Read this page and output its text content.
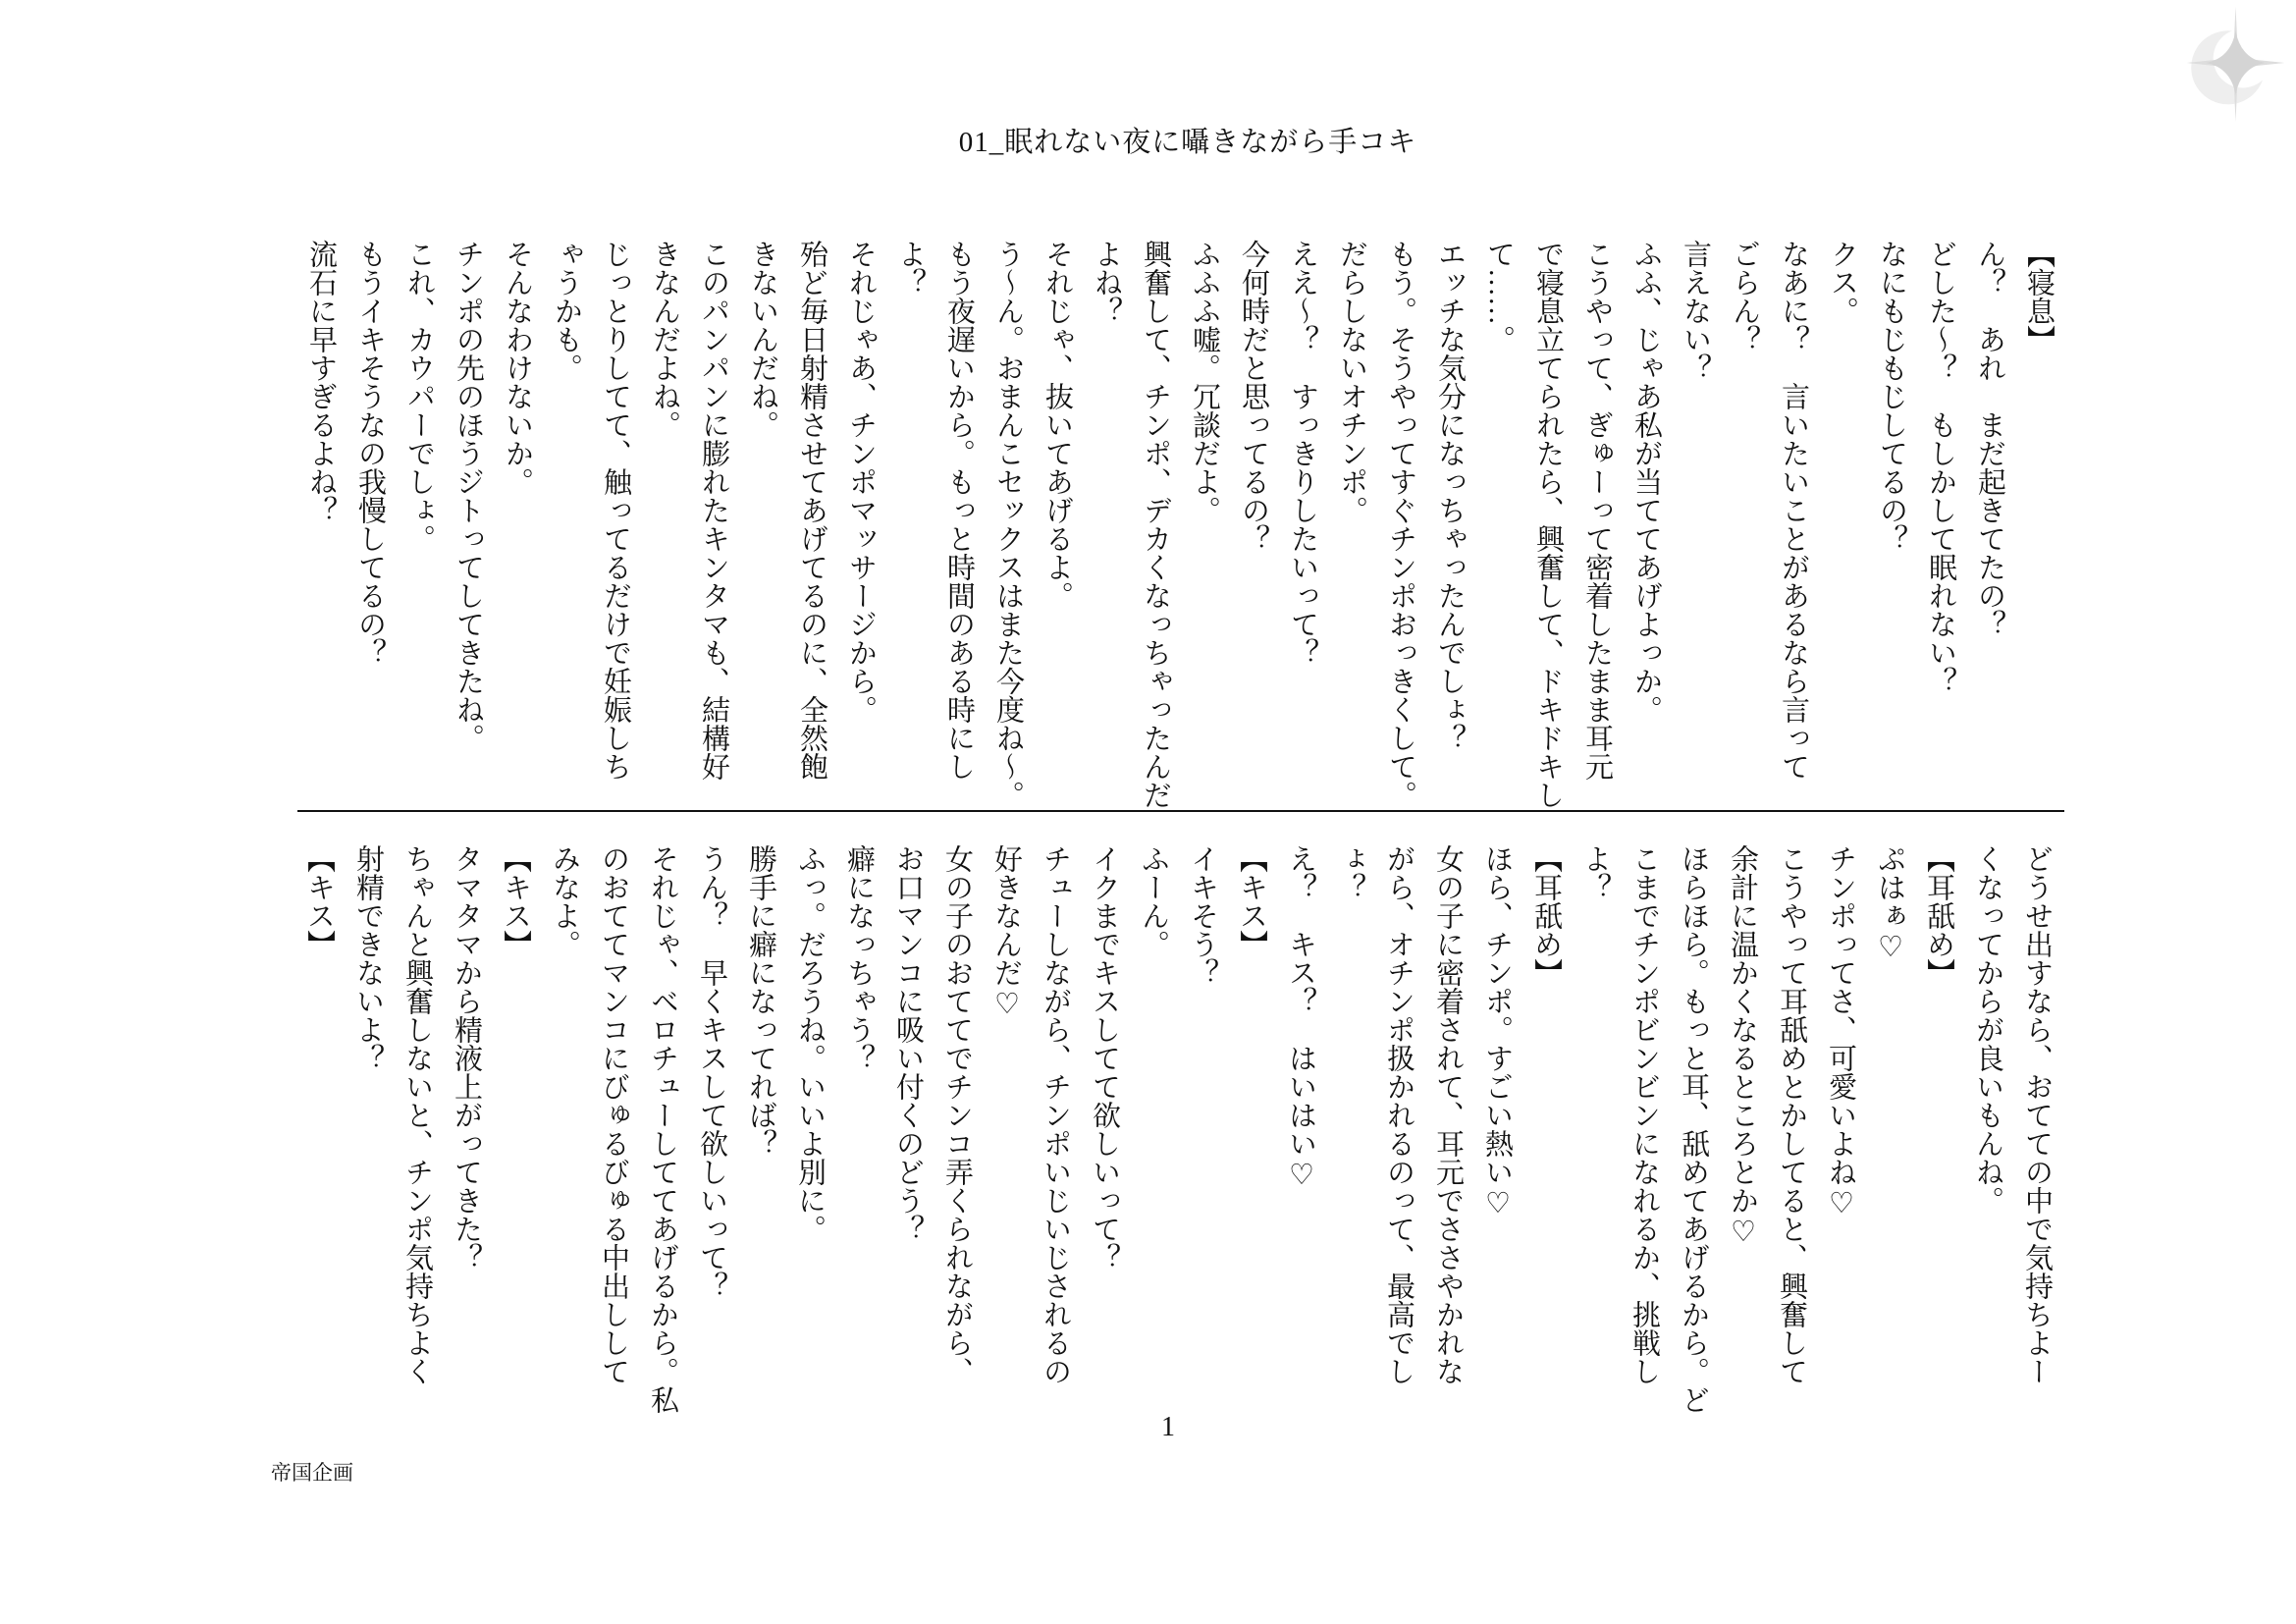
01_眠れない夜に囁きながら手コキ
【寝息】
ん？　あれ　まだ起きてたの？
どした～？　もしかして眠れない？
なにもじもじしてるの？
クス。
なあに？　言いたいことがあるなら言って
ごらん？
言えない？
ふふ、じゃあ私が当ててあげよっか。
こうやって、ぎゅーって密着したまま耳元
で寝息立てられたら、興奮して、ドキドキし
て……。
エッチな気分になっちゃったんでしょ？
もう。そうやってすぐチンポおっきくして。
だらしないオチンポ。
ええ～？　すっきりしたいって？
今何時だと思ってるの？
ふふふ嘘。冗談だよ。
興奮して、チンポ、デカくなっちゃったんだ
よね？
それじゃ、抜いてあげるよ。
う～ん。おまんこセックスはまた今度ね～。
もう夜遅いから。もっと時間のある時にし
よ？
それじゃあ、チンポマッサージから。
殆ど毎日射精させてあげてるのに、全然飽
きないんだね。
このパンパンに膨れたキンタマも、結構好
きなんだよね。
じっとりしてて、触ってるだけで妊娠しち
ゃうかも。
そんなわけないか。
チンポの先のほうジトってしてきたね。
これ、カウパーでしょ。
もうイキそうなの我慢してるの？
流石に早すぎるよね？
どうせ出すなら、おてての中で気持ちよー
くなってからが良いもんね。
【耳舐め】
ぷはぁ♡
チンポってさ、可愛いよね♡
こうやって耳舐めとかしてると、興奮して
余計に温かくなるところとか♡
ほらほら。もっと耳、舐めてあげるから。ど
こまでチンポビンビンになれるか、挑戦し
よ？
【耳舐め】
ほら、チンポ。すごい熱い♡
女の子に密着されて、耳元でささやかれな
がら、オチンポ扱かれるのって、最高でし
ょ？
え？　キス？　はいはい♡
【キス】
イキそう？
ふーん。
イクまでキスしてて欲しいって？
チューしながら、チンポいじいじされるの
好きなんだ♡
女の子のおててでチンコ弄くられながら、
お口マンコに吸い付くのどう？
癖になっちゃう？
ふっ。だろうね。いいよ別に。
勝手に癖になってれば？
うん？　早くキスして欲しいって？
それじゃ、ベロチューしててあげるから。私
のおててマンコにびゅるびゅる中出しして
みなよ。
【キス】
タマタマから精液上がってきた？
ちゃんと興奮しないと、チンポ気持ちよく
射精できないよ？
【キス】
1
帝国企画
